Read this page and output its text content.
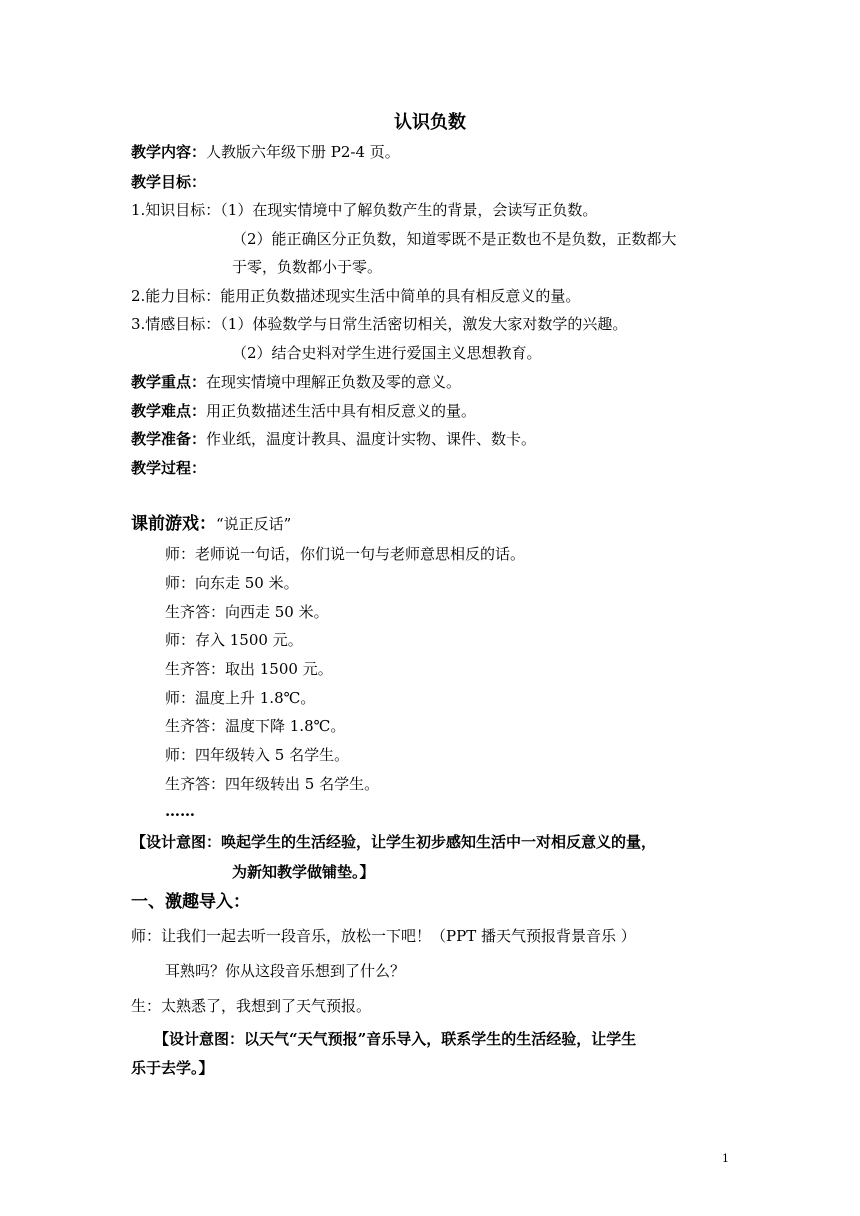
认识负数
教学内容：人教版六年级下册 P2-4 页。
教学目标：
1.知识目标：（1）在现实情境中了解负数产生的背景，会读写正负数。
（2）能正确区分正负数，知道零既不是正数也不是负数，正数都大
于零，负数都小于零。
2.能力目标：能用正负数描述现实生活中简单的具有相反意义的量。
3.情感目标：（1）体验数学与日常生活密切相关，激发大家对数学的兴趣。
（2）结合史料对学生进行爱国主义思想教育。
教学重点：在现实情境中理解正负数及零的意义。
教学难点：用正负数描述生活中具有相反意义的量。
教学准备：作业纸，温度计教具、温度计实物、课件、数卡。
教学过程：
课前游戏：“说正反话”
师：老师说一句话，你们说一句与老师意思相反的话。
师：向东走 50 米。
生齐答：向西走 50 米。
师：存入 1500 元。
生齐答：取出 1500 元。
师：温度上升 1.8℃。
生齐答：温度下降 1.8℃。
师：四年级转入 5 名学生。
生齐答：四年级转出 5 名学生。
……
【设计意图：唤起学生的生活经验，让学生初步感知生活中一对相反意义的量，
为新知教学做铺垫。】
一、激趣导入：
师：让我们一起去听一段音乐，放松一下吧！（PPT 播天气预报背景音乐 ）
耳熟吗？你从这段音乐想到了什么？
生：太熟悉了，我想到了天气预报。
【设计意图：以天气“天气预报”音乐导入，联系学生的生活经验，让学生
乐于去学。】
1
